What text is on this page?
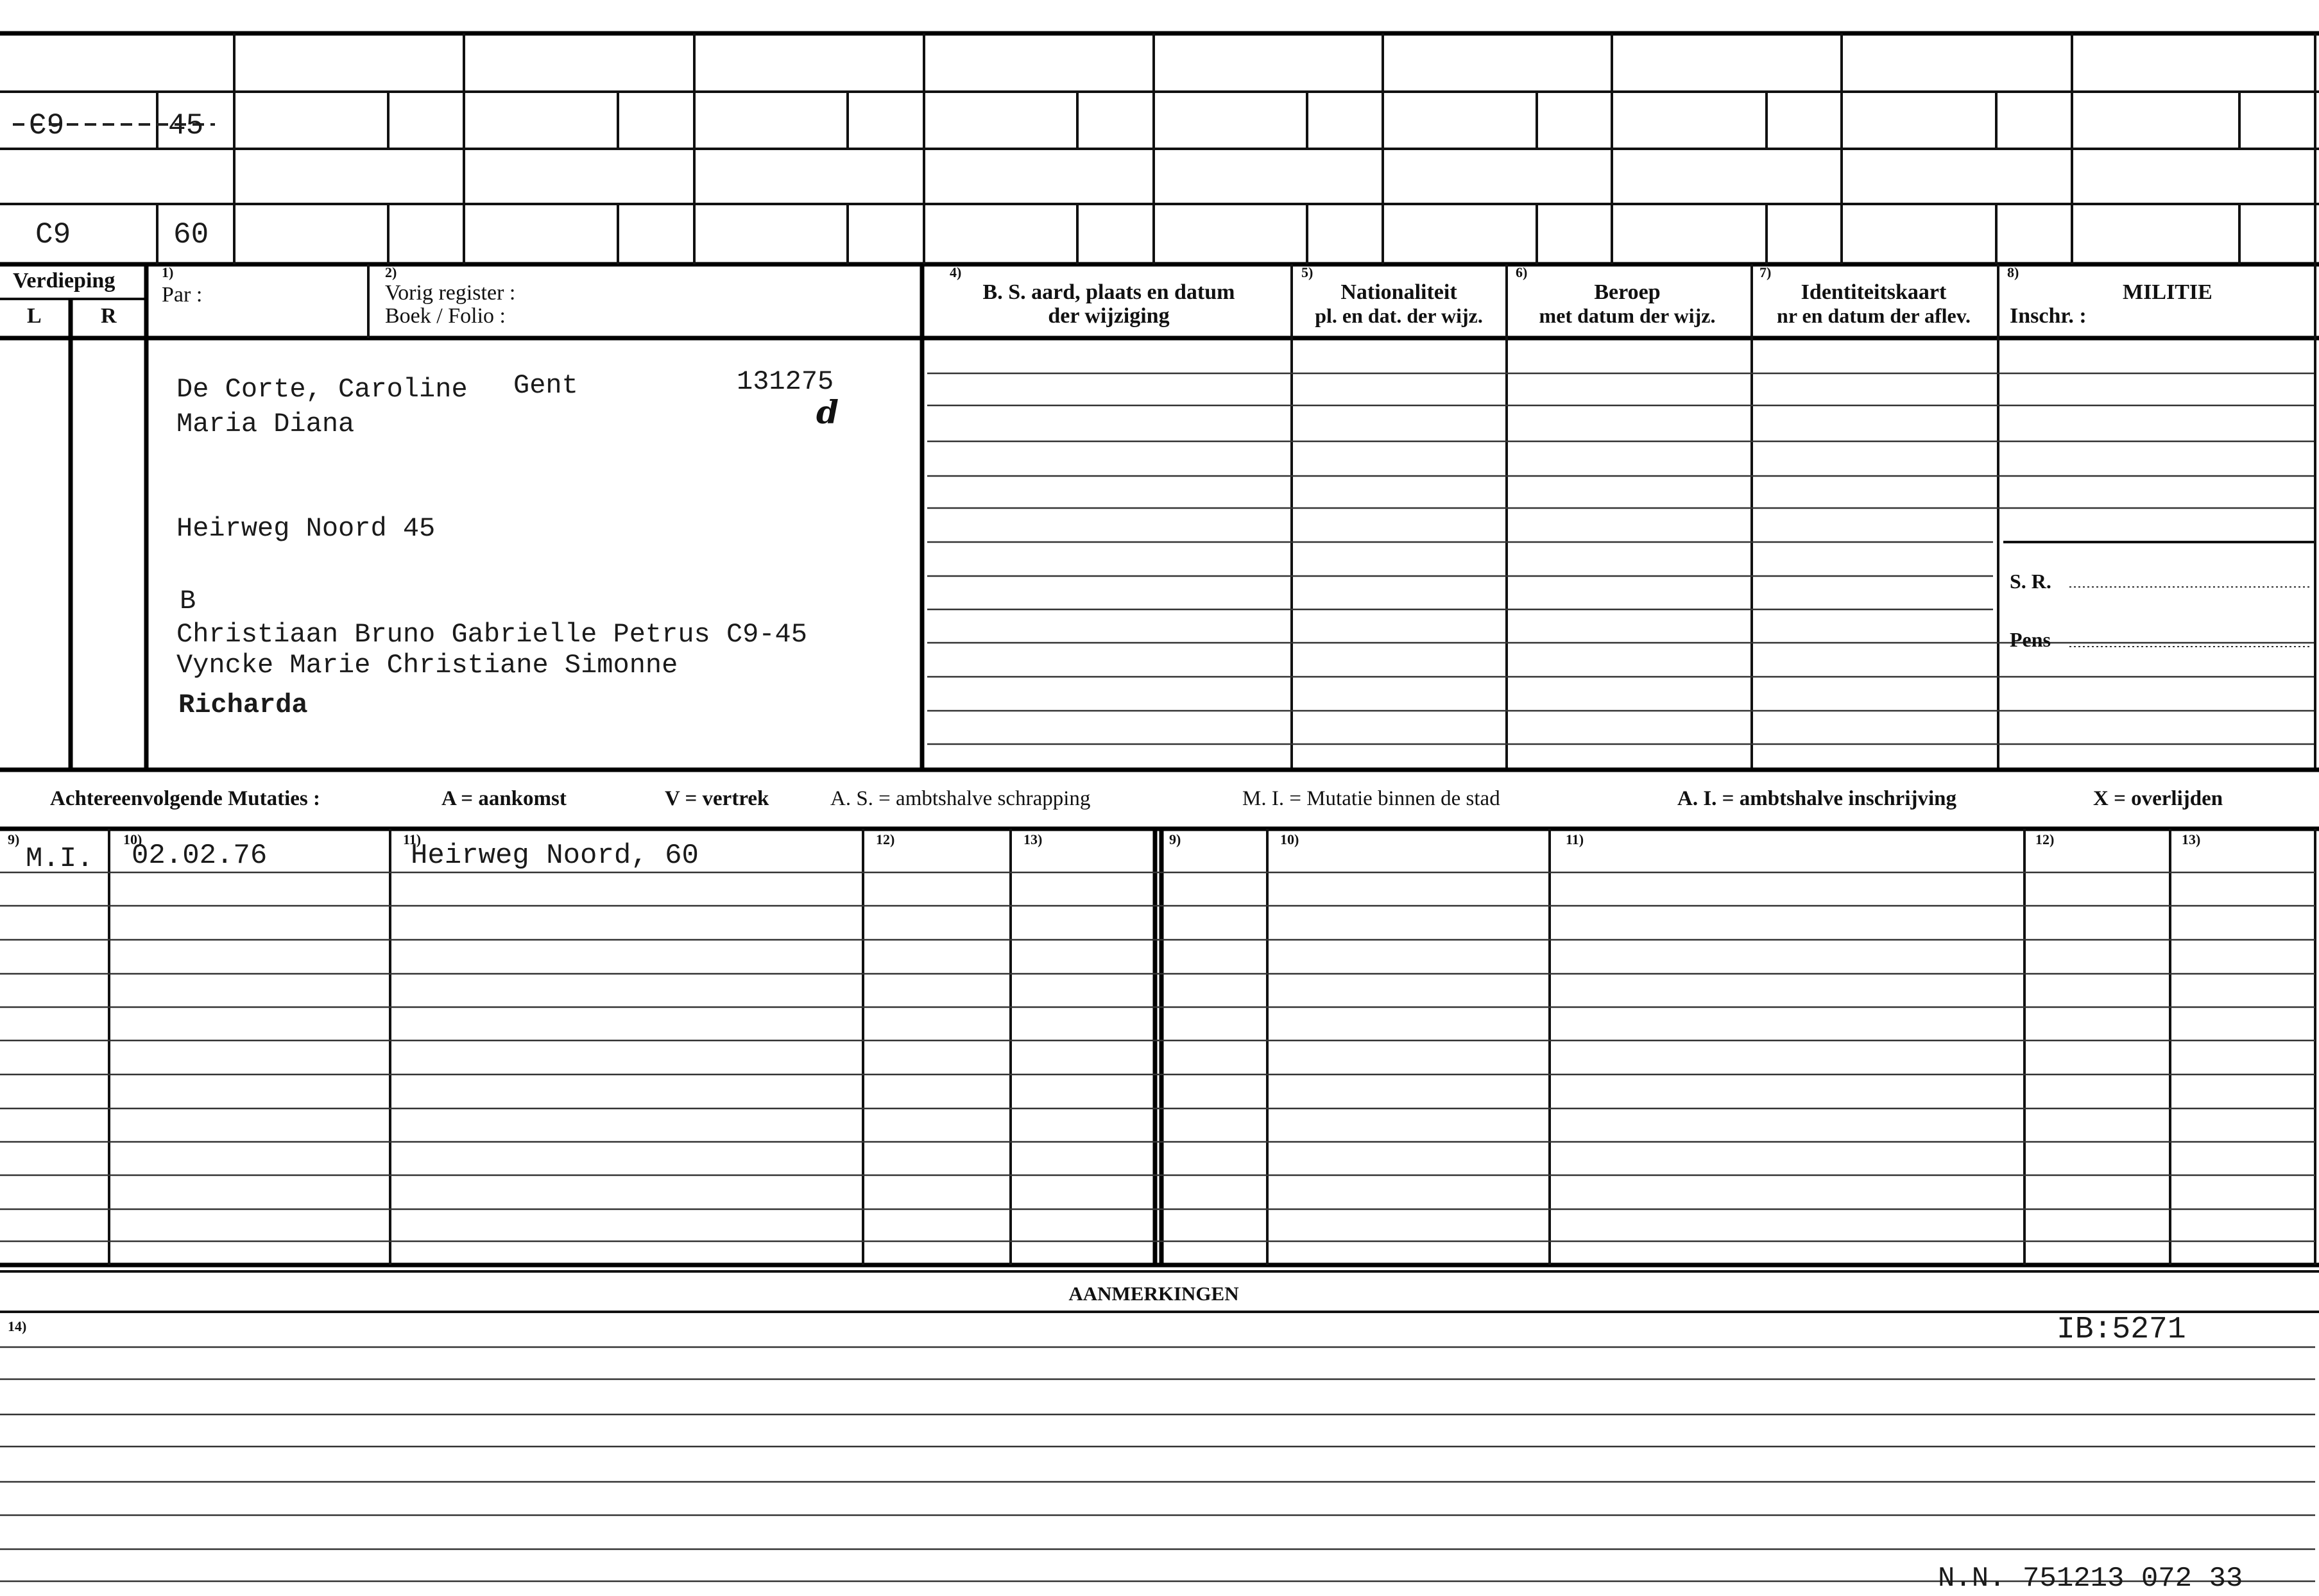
C9	45
C9	60
Verdieping
L	R
1)
Par :
2)
Vorig register :
Boek / Folio :
4)
B. S. aard, plaats en datum
der wijziging
5)
Nationaliteit
pl. en dat. der wijz.
6)
Beroep
met datum der wijz.
7)
Identiteitskaart
nr en datum der aflev.
8)
MILITIE
Inschr. :
S. R.
Pens
De Corte, Caroline Gent	131275
d
Maria Diana
Heirweg Noord 45
B
Christiaan Bruno Gabrielle Petrus C9-45
Vyncke Marie Christiane Simonne
Richarda
Achtereenvolgende Mutaties :	A = aankomst	V = vertrek	A. S. = ambtshalve schrapping	M. I. = Mutatie binnen de stad	A. I. = ambtshalve inschrijving	X = overlijden
9)	10)	11)	12)	13)	9)	10)	11)	12)	13)
M.I. 02.02.76	Heirweg Noord, 60
AANMERKINGEN
14)	IB:5271
N.N. 751213 072 33
